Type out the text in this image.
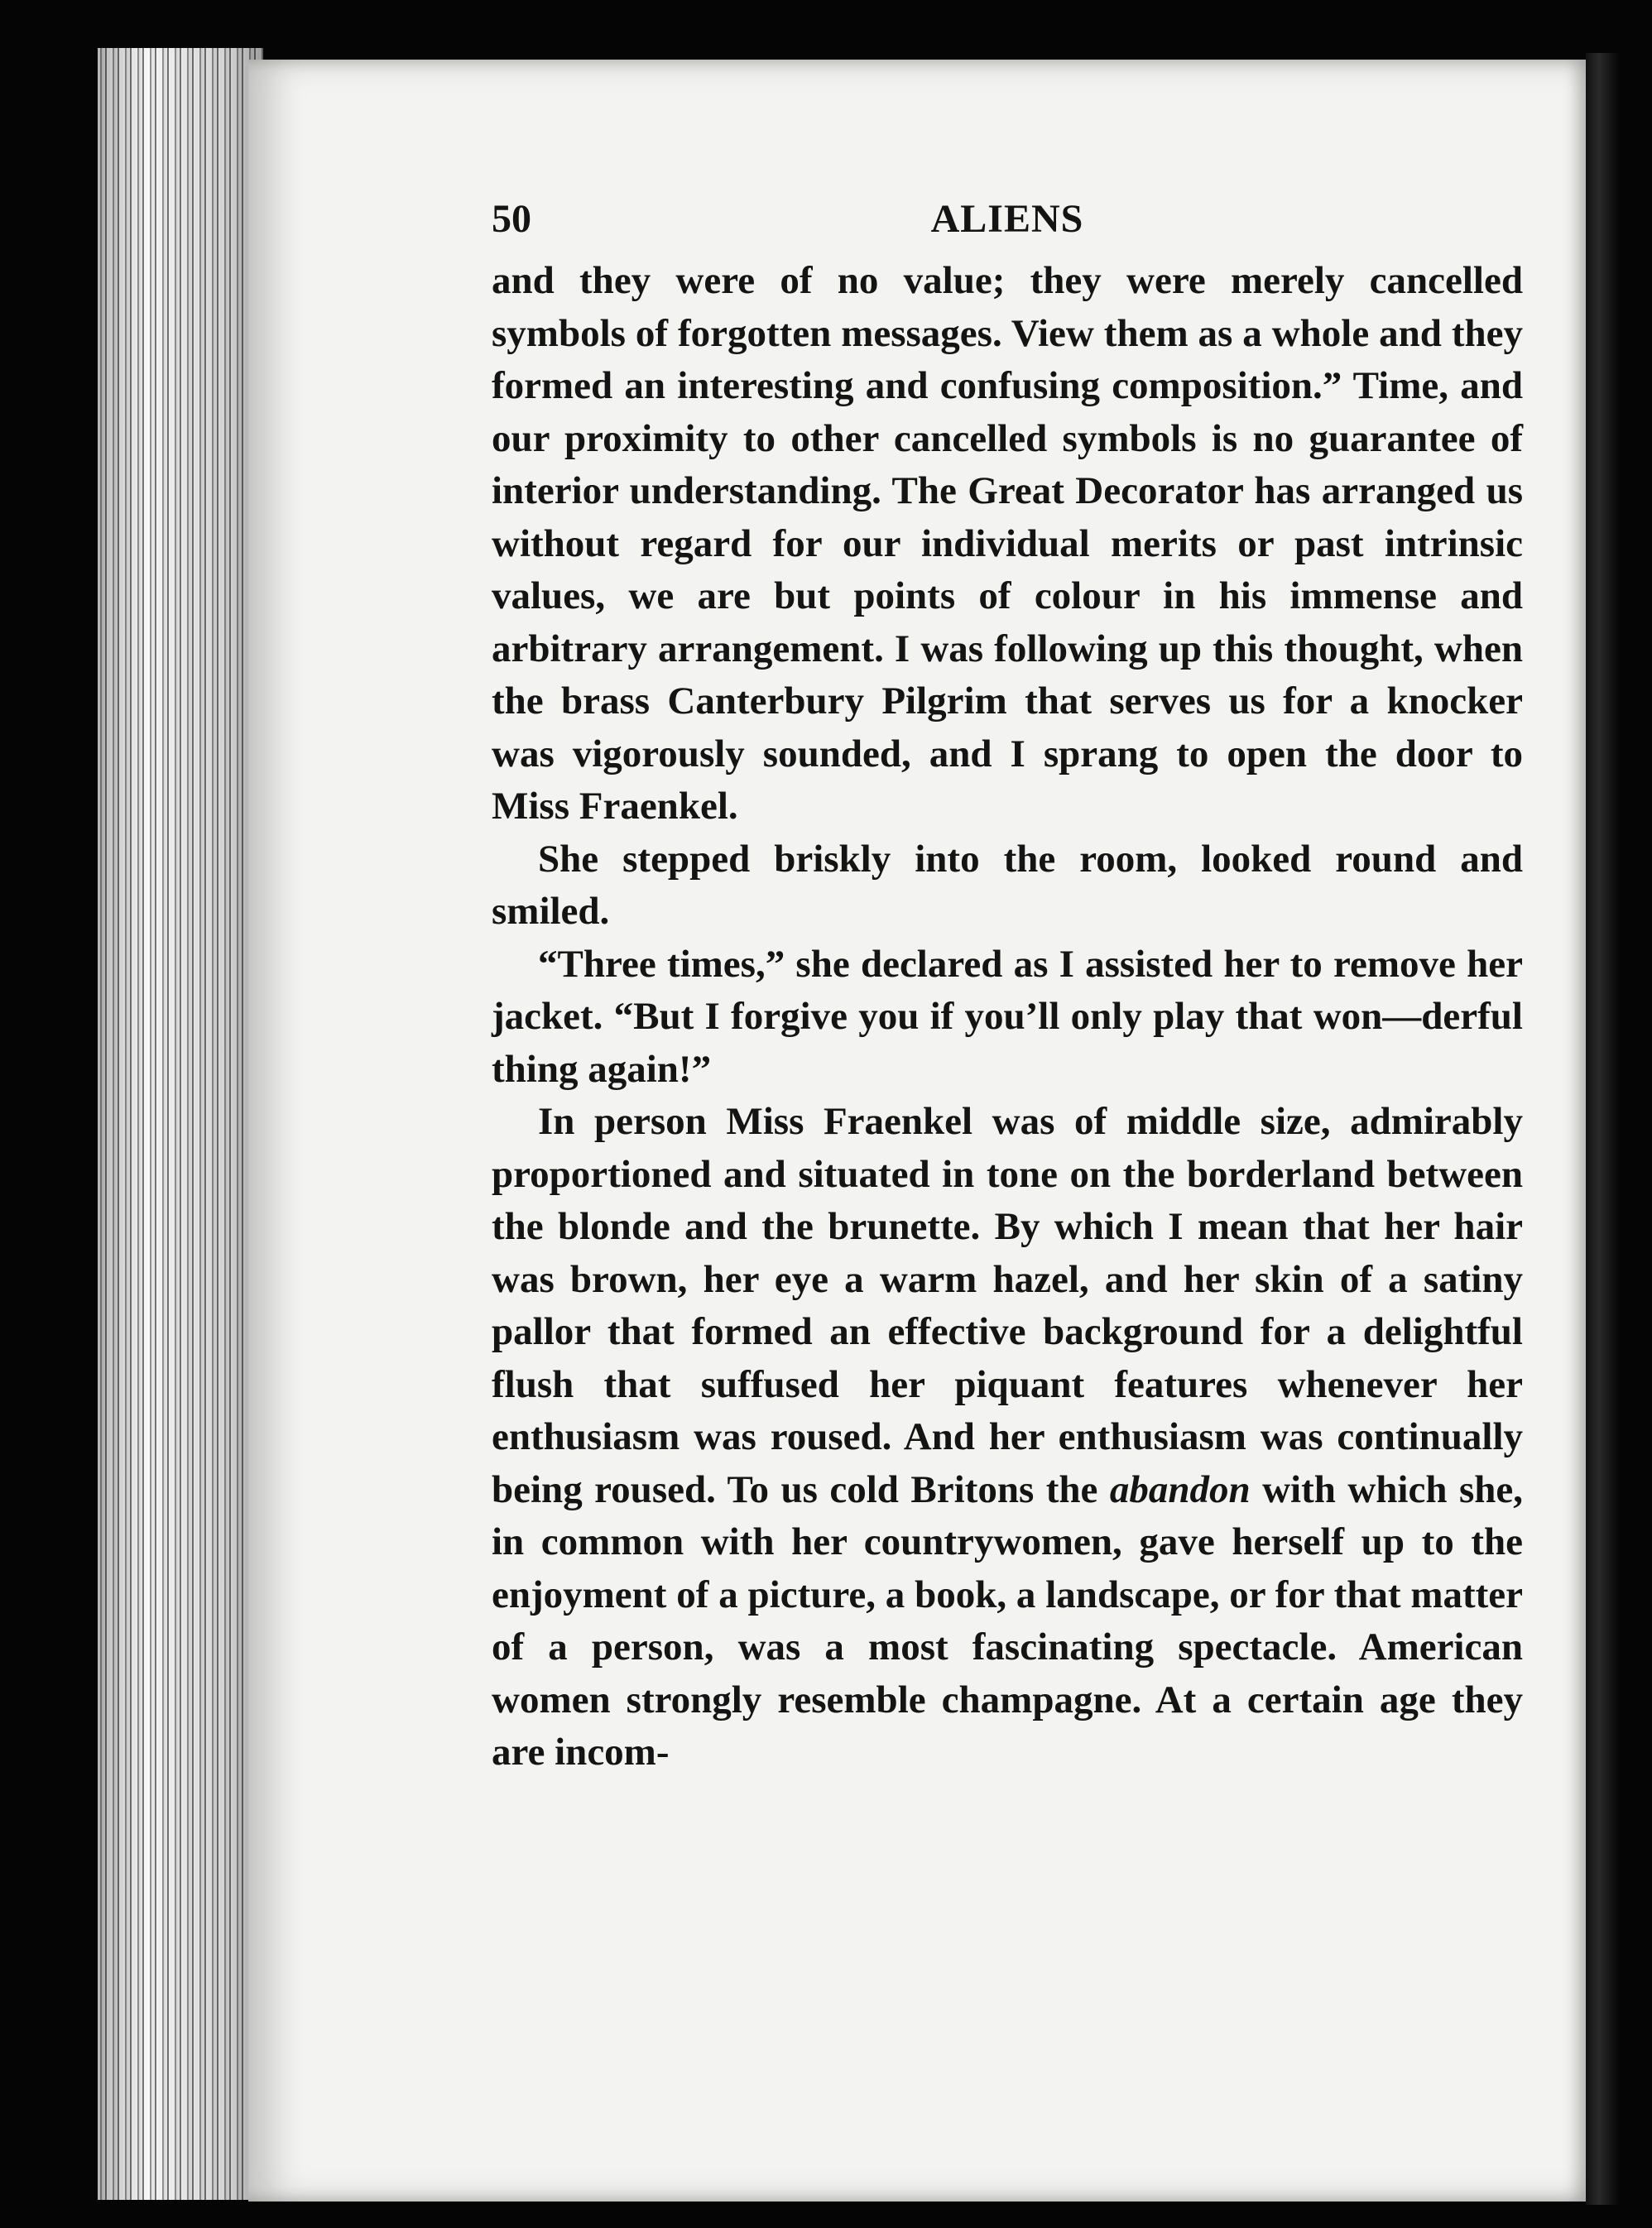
50	ALIENS

and they were of no value; they were merely cancelled symbols of forgotten messages. View them as a whole and they formed an interesting and confusing composition.” Time, and our proximity to other cancelled symbols is no guarantee of interior understanding. The Great Decorator has arranged us without regard for our individual merits or past intrinsic values, we are but points of colour in his immense and arbitrary arrangement. I was following up this thought, when the brass Canterbury Pilgrim that serves us for a knocker was vigorously sounded, and I sprang to open the door to Miss Fraenkel.

She stepped briskly into the room, looked round and smiled.

“Three times,” she declared as I assisted her to remove her jacket. “But I forgive you if you’ll only play that won—derful thing again!”

In person Miss Fraenkel was of middle size, admirably proportioned and situated in tone on the borderland between the blonde and the brunette. By which I mean that her hair was brown, her eye a warm hazel, and her skin of a satiny pallor that formed an effective background for a delightful flush that suffused her piquant features whenever her enthusiasm was roused. And her enthusiasm was continually being roused. To us cold Britons the abandon with which she, in common with her countrywomen, gave herself up to the enjoyment of a picture, a book, a landscape, or for that matter of a person, was a most fascinating spectacle. American women strongly resemble champagne. At a certain age they are incom-
